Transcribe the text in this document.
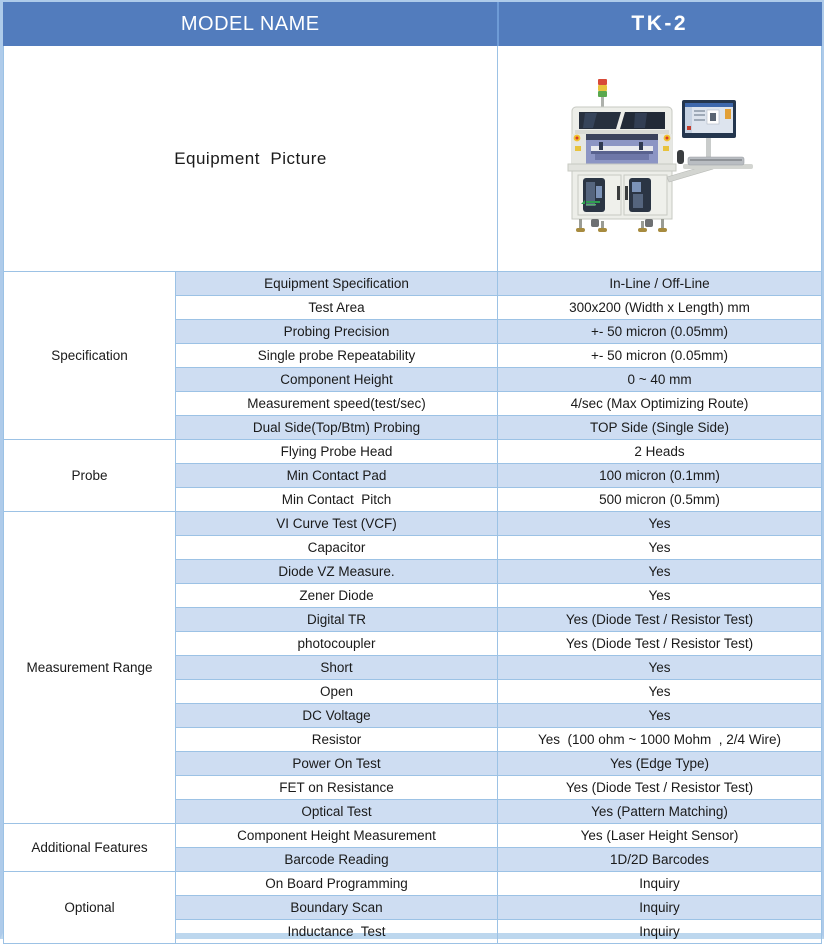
MODEL NAME		TK-2
Equipment  Picture	

Specification	Equipment Specification	In-Line / Off-Line
	Test Area	300x200 (Width x Length) mm
	Probing Precision	+- 50 micron (0.05mm)
	Single probe Repeatability	+- 50 micron (0.05mm)
	Component Height	0 ~ 40 mm
	Measurement speed(test/sec)	4/sec (Max Optimizing Route)
	Dual Side(Top/Btm) Probing	TOP Side (Single Side)
Probe	Flying Probe Head	2 Heads
	Min Contact Pad	100 micron (0.1mm)
	Min Contact  Pitch	500 micron (0.5mm)
Measurement Range	VI Curve Test (VCF)	Yes
	Capacitor	Yes
	Diode VZ Measure.	Yes
	Zener Diode	Yes
	Digital TR	Yes (Diode Test / Resistor Test)
	photocoupler	Yes (Diode Test / Resistor Test)
	Short	Yes
	Open	Yes
	DC Voltage	Yes
	Resistor	Yes  (100 ohm ~ 1000 Mohm  , 2/4 Wire)
	Power On Test	Yes (Edge Type)
	FET on Resistance	Yes (Diode Test / Resistor Test)
	Optical Test	Yes (Pattern Matching)
Additional Features	Component Height Measurement	Yes (Laser Height Sensor)
	Barcode Reading	1D/2D Barcodes
Optional	On Board Programming	Inquiry
	Boundary Scan	Inquiry
	Inductance  Test	Inquiry
